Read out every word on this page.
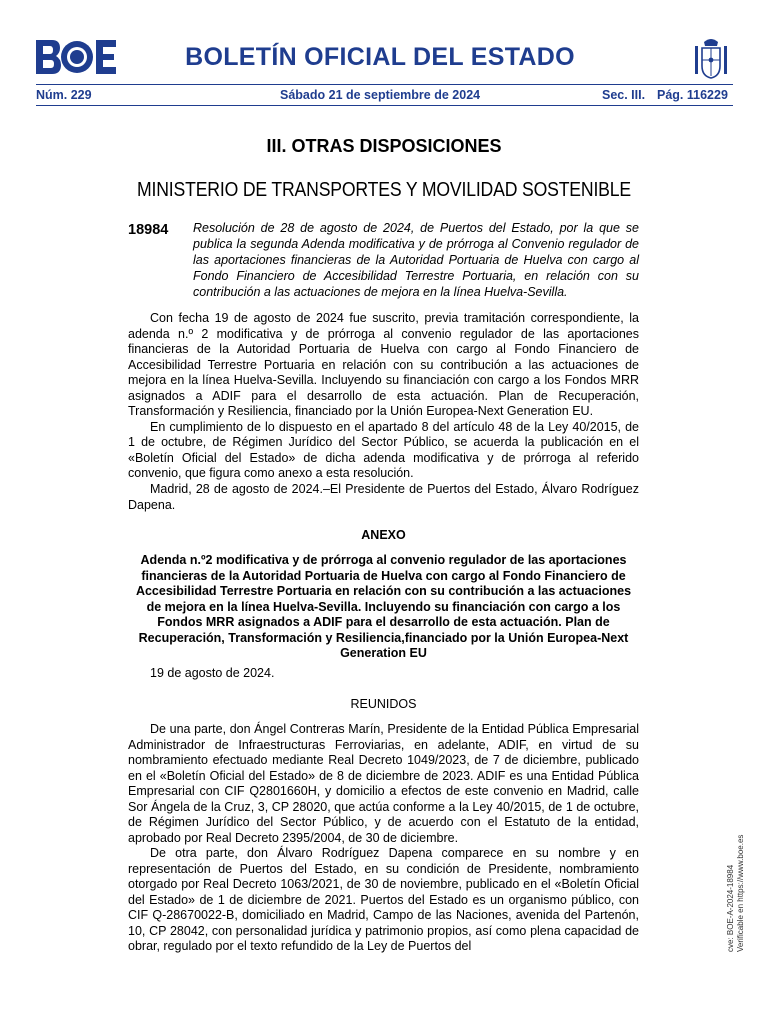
BOLETÍN OFICIAL DEL ESTADO
Núm. 229	Sábado 21 de septiembre de 2024	Sec. III. Pág. 116229
III. OTRAS DISPOSICIONES
MINISTERIO DE TRANSPORTES Y MOVILIDAD SOSTENIBLE
18984 Resolución de 28 de agosto de 2024, de Puertos del Estado, por la que se publica la segunda Adenda modificativa y de prórroga al Convenio regulador de las aportaciones financieras de la Autoridad Portuaria de Huelva con cargo al Fondo Financiero de Accesibilidad Terrestre Portuaria, en relación con su contribución a las actuaciones de mejora en la línea Huelva-Sevilla.

Con fecha 19 de agosto de 2024 fue suscrito, previa tramitación correspondiente, la adenda n.º 2 modificativa y de prórroga al convenio regulador de las aportaciones financieras de la Autoridad Portuaria de Huelva con cargo al Fondo Financiero de Accesibilidad Terrestre Portuaria en relación con su contribución a las actuaciones de mejora en la línea Huelva-Sevilla. Incluyendo su financiación con cargo a los Fondos MRR asignados a ADIF para el desarrollo de esta actuación. Plan de Recuperación, Transformación y Resiliencia, financiado por la Unión Europea-Next Generation EU.

En cumplimiento de lo dispuesto en el apartado 8 del artículo 48 de la Ley 40/2015, de 1 de octubre, de Régimen Jurídico del Sector Público, se acuerda la publicación en el «Boletín Oficial del Estado» de dicha adenda modificativa y de prórroga al referido convenio, que figura como anexo a esta resolución.

Madrid, 28 de agosto de 2024.–El Presidente de Puertos del Estado, Álvaro Rodríguez Dapena.

ANEXO
Adenda n.º2 modificativa y de prórroga al convenio regulador de las aportaciones financieras de la Autoridad Portuaria de Huelva con cargo al Fondo Financiero de Accesibilidad Terrestre Portuaria en relación con su contribución a las actuaciones de mejora en la línea Huelva-Sevilla. Incluyendo su financiación con cargo a los Fondos MRR asignados a ADIF para el desarrollo de esta actuación. Plan de Recuperación, Transformación y Resiliencia,financiado por la Unión Europea-Next Generation EU

19 de agosto de 2024.

REUNIDOS

De una parte, don Ángel Contreras Marín, Presidente de la Entidad Pública Empresarial Administrador de Infraestructuras Ferroviarias, en adelante, ADIF, en virtud de su nombramiento efectuado mediante Real Decreto 1049/2023, de 7 de diciembre, publicado en el «Boletín Oficial del Estado» de 8 de diciembre de 2023. ADIF es una Entidad Pública Empresarial con CIF Q2801660H, y domicilio a efectos de este convenio en Madrid, calle Sor Ángela de la Cruz, 3, CP 28020, que actúa conforme a la Ley 40/2015, de 1 de octubre, de Régimen Jurídico del Sector Público, y de acuerdo con el Estatuto de la entidad, aprobado por Real Decreto 2395/2004, de 30 de diciembre.

De otra parte, don Álvaro Rodríguez Dapena comparece en su nombre y en representación de Puertos del Estado, en su condición de Presidente, nombramiento otorgado por Real Decreto 1063/2021, de 30 de noviembre, publicado en el «Boletín Oficial del Estado» de 1 de diciembre de 2021. Puertos del Estado es un organismo público, con CIF Q-28670022-B, domiciliado en Madrid, Campo de las Naciones, avenida del Partenón, 10, CP 28042, con personalidad jurídica y patrimonio propios, así como plena capacidad de obrar, regulado por el texto refundido de la Ley de Puertos del	cve: BOE-A-2024-18984 Verificable en https://www.boe.es
